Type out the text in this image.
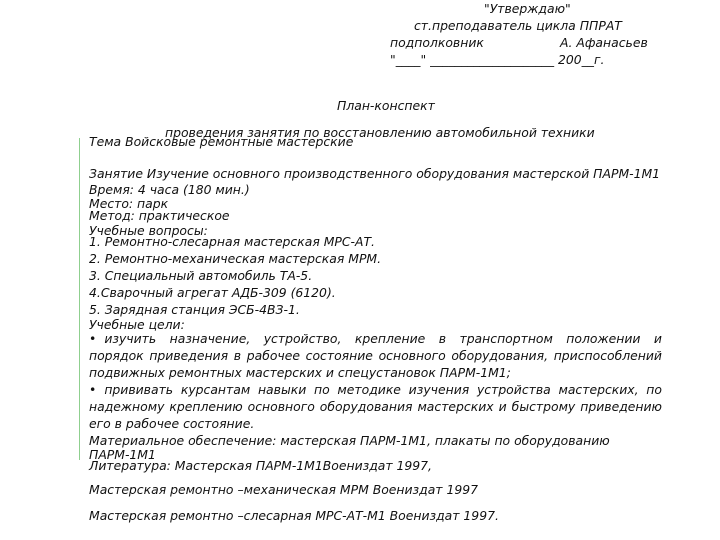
"Утверждаю"
ст.преподаватель цикла ППРАТ
подполковник	А. Афанасьев
"____" ____________________ 200__г.
План-конспект
проведения занятия по восстановлению автомобильной техники
Тема Войсковые ремонтные мастерские
Занятие Изучение основного производственного оборудования мастерской ПАРМ-1М1
Время: 4 часа (180 мин.)
Место: парк
Метод: практическое
Учебные вопросы:
1. Ремонтно-слесарная мастерская МРС-АТ.
2. Ремонтно-механическая мастерская МРМ.
3. Специальный автомобиль ТА-5.
4.Сварочный агрегат АДБ-309 (6120).
5. Зарядная станция ЭСБ-4ВЗ-1.
Учебные цели:
• изучить назначение, устройство, крепление в транспортном положении и
порядок приведения в рабочее состояние основного оборудования, приспособлений
подвижных ремонтных мастерских и спецустановок ПАРМ-1М1;
• прививать курсантам навыки по методике изучения устройства мастерских, по
надежному креплению основного оборудования мастерских и быстрому приведению
его в рабочее состояние.
Материальное обеспечение: мастерская ПАРМ-1М1, плакаты по оборудованию
ПАРМ-1М1
Литература: Мастерская ПАРМ-1М1Воениздат 1997,
Мастерская ремонтно –механическая МРМ Воениздат 1997
Мастерская ремонтно –слесарная МРС-АТ-М1 Воениздат 1997.
